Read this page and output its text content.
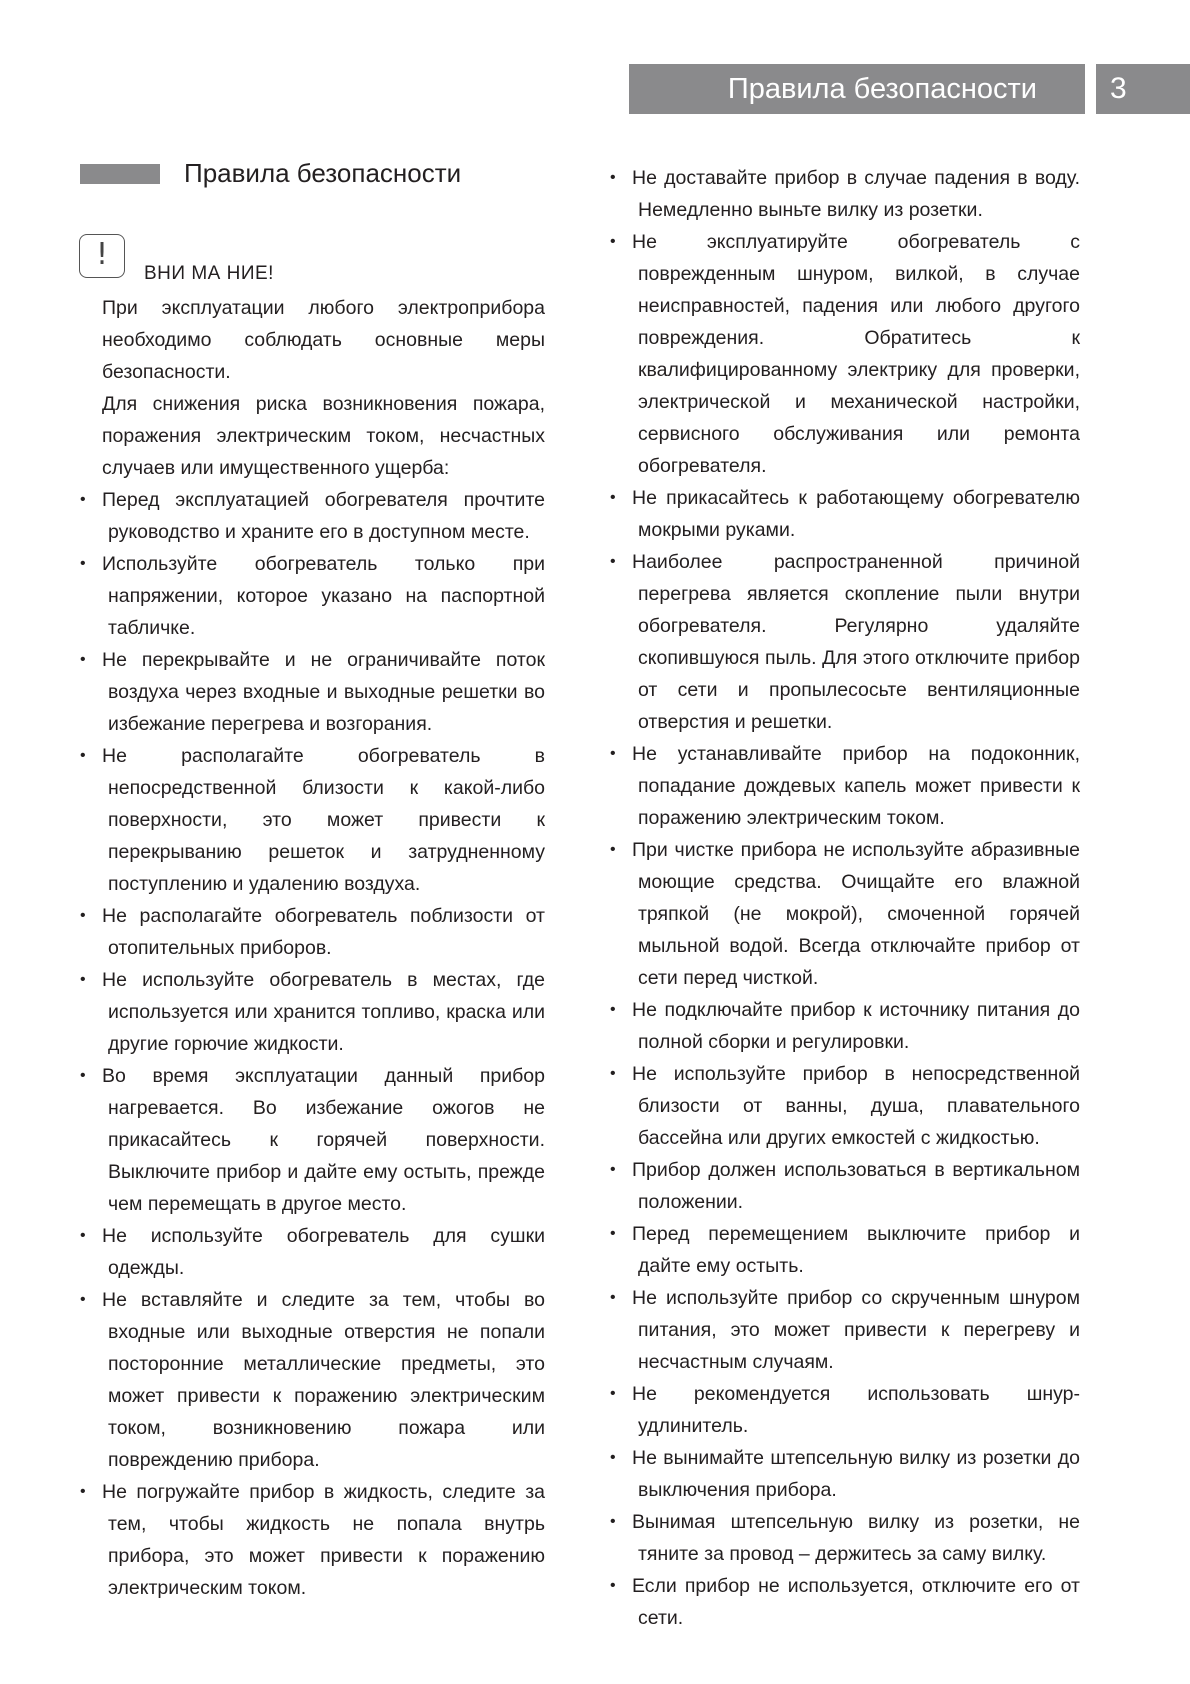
Правила безопасности	3
Правила безопасности
!
ВНИ МА НИЕ!

При эксплуатации любого электроприбора необходимо соблюдать основные меры безопасности.

Для снижения риска возникновения пожара, поражения электрическим током, несчастных случаев или имущественного ущерба:

• Перед эксплуатацией обогревателя прочтите руководство и храните его в доступном месте.
• Используйте обогреватель только при напряжении, которое указано на паспортной табличке.
• Не перекрывайте и не ограничивайте поток воздуха через входные и выходные решетки во избежание перегрева и возгорания.
• Не располагайте обогреватель в непосредственной близости к какой-либо поверхности, это может привести к перекрыванию решеток и затрудненному поступлению и удалению воздуха.
• Не располагайте обогреватель поблизости от отопительных приборов.
• Не используйте обогреватель в местах, где используется или хранится топливо, краска или другие горючие жидкости.
• Во время эксплуатации данный прибор нагревается. Во избежание ожогов не прикасайтесь к горячей поверхности. Выключите прибор и дайте ему остыть, прежде чем перемещать в другое место.
• Не используйте обогреватель для сушки одежды.
• Не вставляйте и следите за тем, чтобы во входные или выходные отверстия не попали посторонние металлические предметы, это может привести к поражению электрическим током, возникновению пожара или повреждению прибора.
• Не погружайте прибор в жидкость, следите за тем, чтобы жидкость не попала внутрь прибора, это может привести к поражению электрическим током.
• Не доставайте прибор в случае падения в воду. Немедленно выньте вилку из розетки.
• Не эксплуатируйте обогреватель с поврежденным шнуром, вилкой, в случае неисправностей, падения или любого другого повреждения. Обратитесь к квалифицированному электрику для проверки, электрической и механической настройки, сервисного обслуживания или ремонта обогревателя.
• Не прикасайтесь к работающему обогревателю мокрыми руками.
• Наиболее распространенной причиной перегрева является скопление пыли внутри обогревателя. Регулярно удаляйте скопившуюся пыль. Для этого отключите прибор от сети и пропылесосьте вентиляционные отверстия и решетки.
• Не устанавливайте прибор на подоконник, попадание дождевых капель может привести к поражению электрическим током.
• При чистке прибора не используйте абразивные моющие средства. Очищайте его влажной тряпкой (не мокрой), смоченной горячей мыльной водой. Всегда отключайте прибор от сети перед чисткой.
• Не подключайте прибор к источнику питания до полной сборки и регулировки.
• Не используйте прибор в непосредственной близости от ванны, душа, плавательного бассейна или других емкостей с жидкостью.
• Прибор должен использоваться в вертикальном положении.
• Перед перемещением выключите прибор и дайте ему остыть.
• Не используйте прибор со скрученным шнуром питания, это может привести к перегреву и несчастным случаям.
• Не рекомендуется использовать шнур-удлинитель.
• Не вынимайте штепсельную вилку из розетки до выключения прибора.
• Вынимая штепсельную вилку из розетки, не тяните за провод – держитесь за саму вилку.
• Если прибор не используется, отключите его от сети.
